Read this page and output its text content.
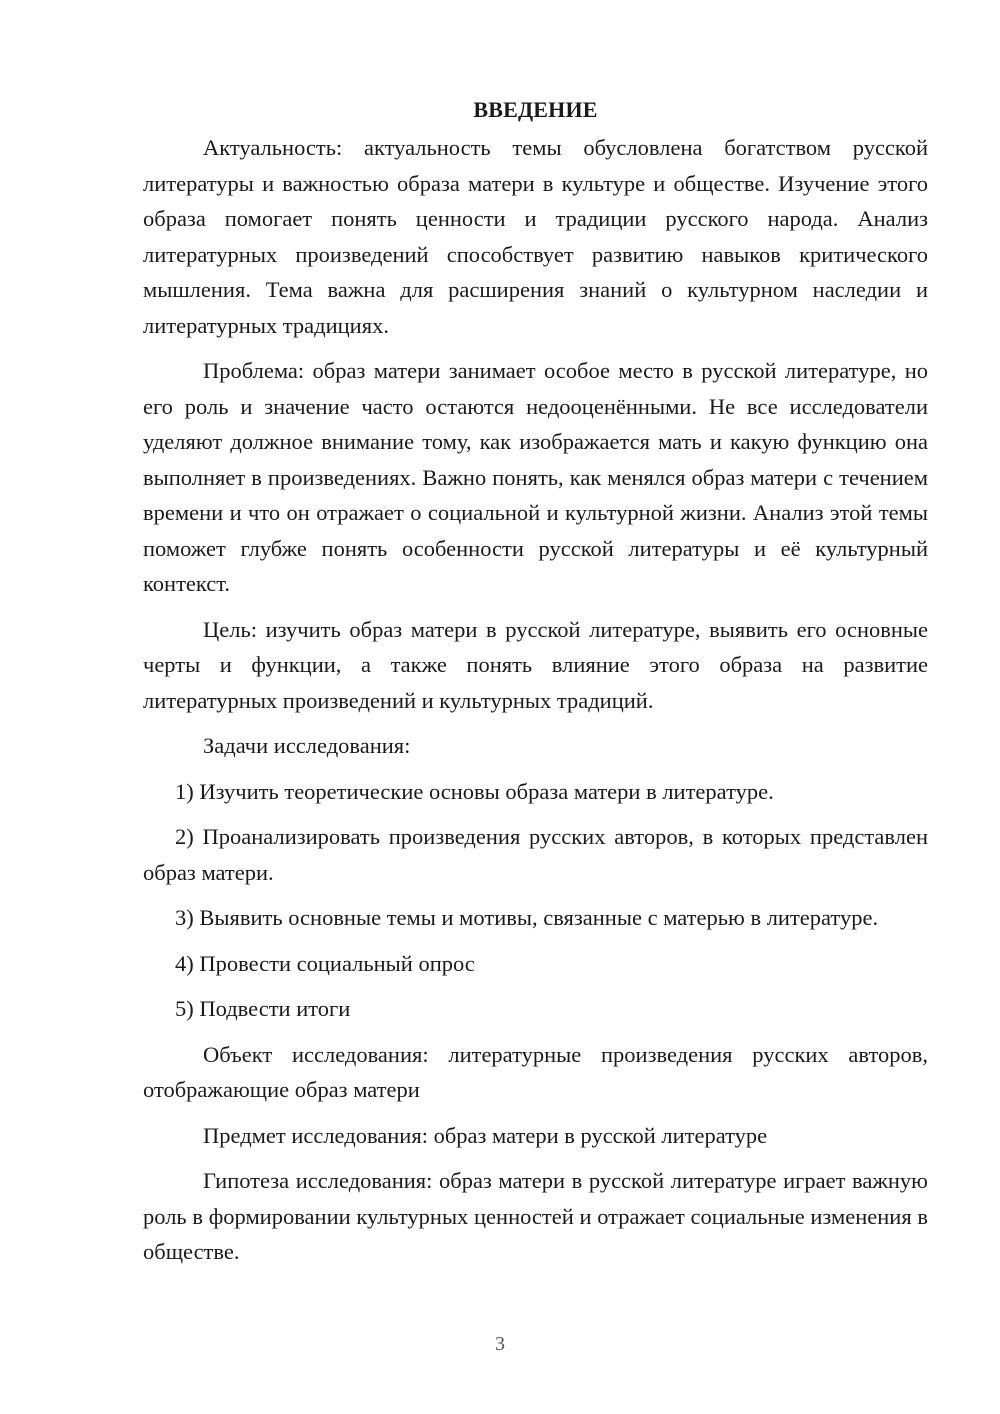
ВВЕДЕНИЕ

Актуальность: актуальность темы обусловлена богатством русской литературы и важностью образа матери в культуре и обществе. Изучение этого образа помогает понять ценности и традиции русского народа. Анализ литературных произведений способствует развитию навыков критического мышления. Тема важна для расширения знаний о культурном наследии и литературных традициях.

Проблема: образ матери занимает особое место в русской литературе, но его роль и значение часто остаются недооценёнными. Не все исследователи уделяют должное внимание тому, как изображается мать и какую функцию она выполняет в произведениях. Важно понять, как менялся образ матери с течением времени и что он отражает о социальной и культурной жизни. Анализ этой темы поможет глубже понять особенности русской литературы и её культурный контекст.

Цель: изучить образ матери в русской литературе, выявить его основные черты и функции, а также понять влияние этого образа на развитие литературных произведений и культурных традиций.

Задачи исследования:

1) Изучить теоретические основы образа матери в литературе.

2) Проанализировать произведения русских авторов, в которых представлен образ матери.

3) Выявить основные темы и мотивы, связанные с матерью в литературе.

4) Провести социальный опрос

5) Подвести итоги

Объект исследования: литературные произведения русских авторов, отображающие образ матери

Предмет исследования: образ матери в русской литературе

Гипотеза исследования: образ матери в русской литературе играет важную роль в формировании культурных ценностей и отражает социальные изменения в обществе.

3
